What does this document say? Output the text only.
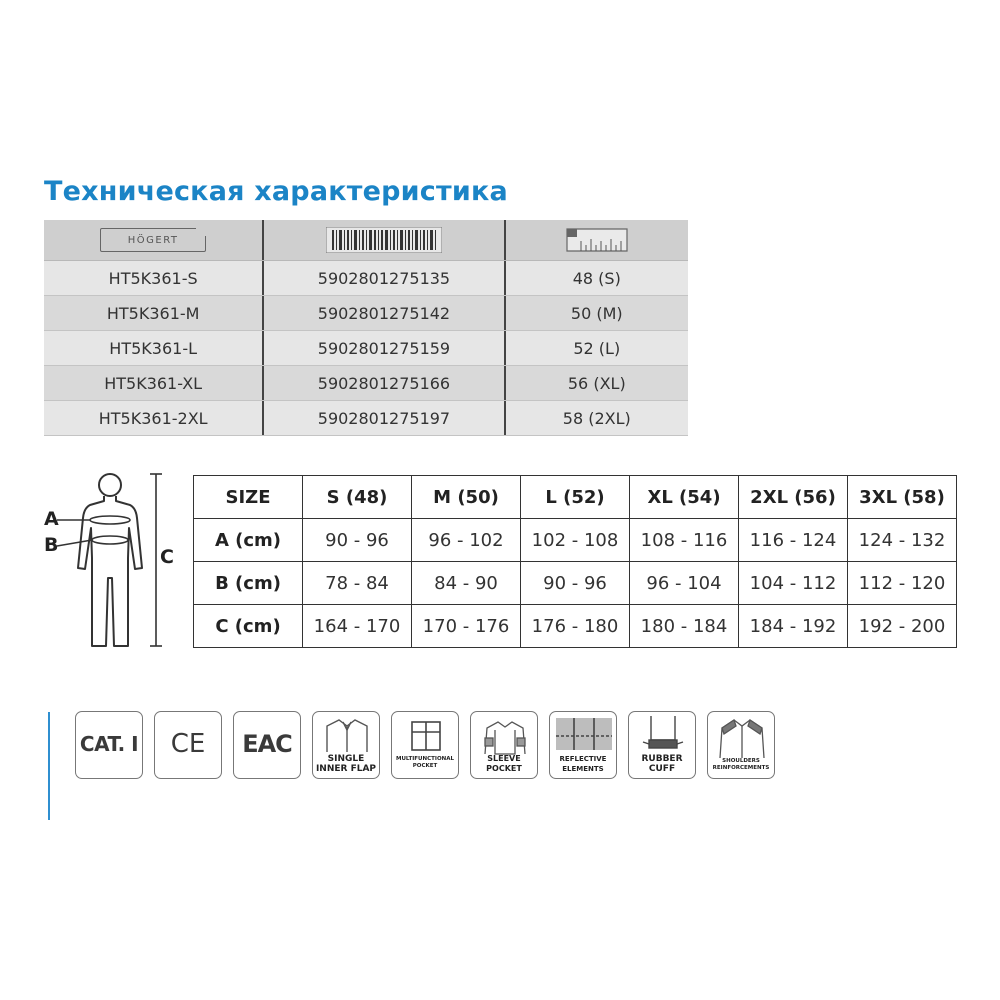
Техническая характеристика
HÖGERT
HT5K361-S	5902801275135	48 (S)
HT5K361-M	5902801275142	50 (M)
HT5K361-L	5902801275159	52 (L)
HT5K361-XL	5902801275166	56 (XL)
HT5K361-2XL	5902801275197	58 (2XL)
A
B
C
SIZE	S (48)	M (50)	L (52)	XL (54)	2XL (56)	3XL (58)
A (cm)	90 - 96	96 - 102	102 - 108	108 - 116	116 - 124	124 - 132
B (cm)	78 - 84	84 - 90	90 - 96	96 - 104	104 - 112	112 - 120
C (cm)	164 - 170	170 - 176	176 - 180	180 - 184	184 - 192	192 - 200
CAT. I	CE	EAC
SINGLE INNER FLAP
MULTIFUNCTIONAL POCKET
SLEEVE POCKET
REFLECTIVE ELEMENTS
RUBBER CUFF
SHOULDERS REINFORCEMENTS
